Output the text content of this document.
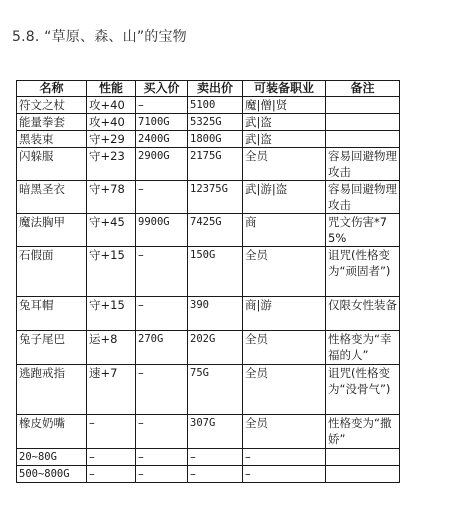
5.8. “草原、森、山”的宝物
名称	性能	买入价	卖出价	可装备职业	备注
符文之杖	攻+40	–	5100	魔|僧|贤	
能量拳套	攻+40	7100G	5325G	武|盗	
黑装束	守+29	2400G	1800G	武|盗	
闪躲服	守+23	2900G	2175G	全员	容易回避物理攻击
暗黑圣衣	守+78	–	12375G	武|游|盗	容易回避物理攻击
魔法胸甲	守+45	9900G	7425G	商	咒文伤害*75%
石假面	守+15	–	150G	全员	诅咒(性格变为“顽固者”)
兔耳帽	守+15	–	390	商|游	仅限女性装备
兔子尾巴	运+8	270G	202G	全员	性格变为“幸福的人”
逃跑戒指	速+7	–	75G	全员	诅咒(性格变为“没骨气”)
橡皮奶嘴	–	–	307G	全员	性格变为“撒娇”
20~80G	–	–	–	–	
500~800G	–	–	–	–	
